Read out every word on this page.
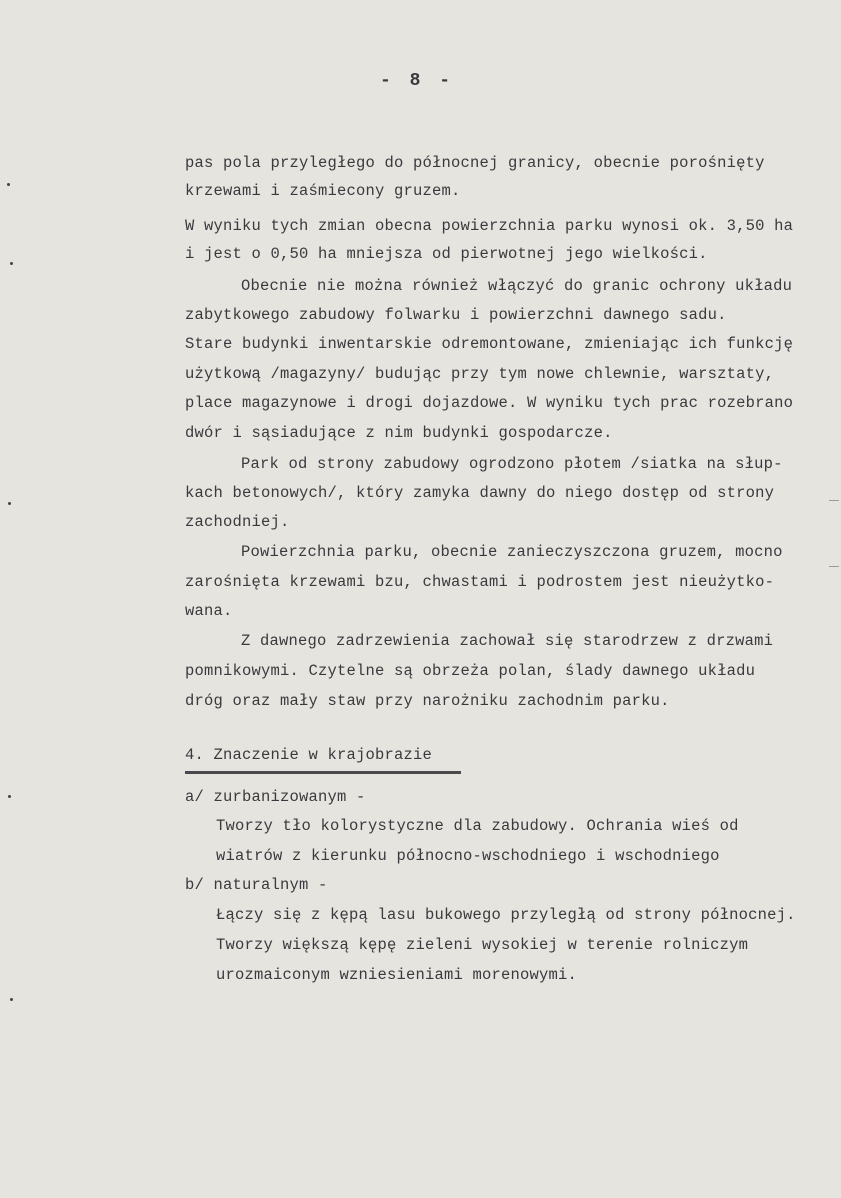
- 8 -
pas pola przyległego do północnej granicy, obecnie porośnięty
krzewami i zaśmiecony gruzem.
W wyniku tych zmian obecna powierzchnia parku wynosi ok. 3,50 ha
i jest o 0,50 ha mniejsza od pierwotnej jego wielkości.
Obecnie nie można również włączyć do granic ochrony układu
zabytkowego zabudowy folwarku i powierzchni dawnego sadu.
Stare budynki inwentarskie odremontowane, zmieniając ich funkcję
użytkową /magazyny/ budując przy tym nowe chlewnie, warsztaty,
place magazynowe i drogi dojazdowe. W wyniku tych prac rozebrano
dwór i sąsiadujące z nim budynki gospodarcze.
Park od strony zabudowy ogrodzono płotem /siatka na słup-
kach betonowych/, który zamyka dawny do niego dostęp od strony
zachodniej.
Powierzchnia parku, obecnie zanieczyszczona gruzem, mocno
zarośnięta krzewami bzu, chwastami i podrostem jest nieużytko-
wana.
Z dawnego zadrzewienia zachował się starodrzew z drzwami
pomnikowymi. Czytelne są obrzeża polan, ślady dawnego układu
dróg oraz mały staw przy narożniku zachodnim parku.
4. Znaczenie w krajobrazie
a/ zurbanizowanym -
Tworzy tło kolorystyczne dla zabudowy. Ochrania wieś od
wiatrów z kierunku północno-wschodniego i wschodniego
b/ naturalnym -
Łączy się z kępą lasu bukowego przyległą od strony północnej.
Tworzy większą kępę zieleni wysokiej w terenie rolniczym
urozmaiconym wzniesieniami morenowymi.
